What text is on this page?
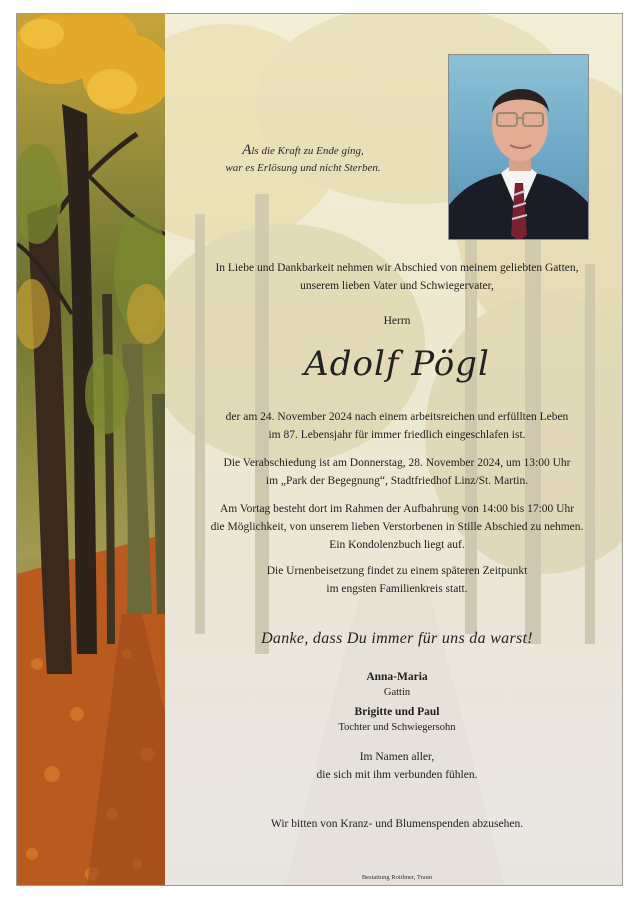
Als die Kraft zu Ende ging,

war es Erlösung und nicht Sterben.

In Liebe und Dankbarkeit nehmen wir Abschied von meinem geliebten Gatten,

unserem lieben Vater und Schwiegervater,

Herrn

Adolf Pögl

der am 24. November 2024 nach einem arbeitsreichen und erfüllten Leben

im 87. Lebensjahr für immer friedlich eingeschlafen ist.

Die Verabschiedung ist am Donnerstag, 28. November 2024, um 13:00 Uhr

im „Park der Begegnung“, Stadtfriedhof Linz/St. Martin.

Am Vortag besteht dort im Rahmen der Aufbahrung von 14:00 bis 17:00 Uhr

die Möglichkeit, von unserem lieben Verstorbenen in Stille Abschied zu nehmen.

Ein Kondolenzbuch liegt auf.

Die Urnenbeisetzung findet zu einem späteren Zeitpunkt

im engsten Familienkreis statt.

Danke, dass Du immer für uns da warst!

Anna-Maria

Gattin

Brigitte und Paul

Tochter und Schwiegersohn

Im Namen aller,

die sich mit ihm verbunden fühlen.

Wir bitten von Kranz- und Blumenspenden abzusehen.

Bestattung Roithner, Traun
